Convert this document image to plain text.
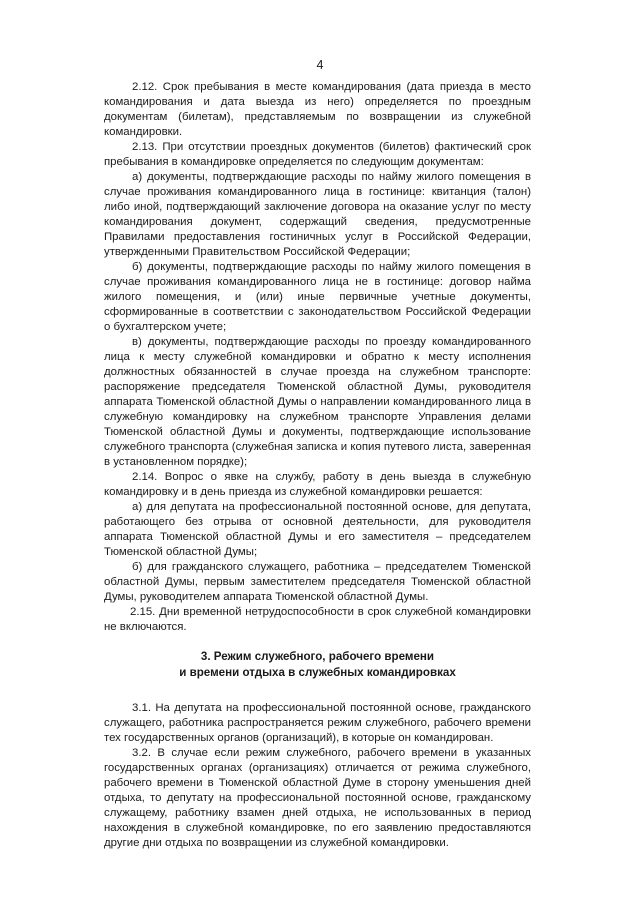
4

2.12. Срок пребывания в месте командирования (дата приезда в место командирования и дата выезда из него) определяется по проездным документам (билетам), представляемым по возвращении из служебной командировки.

2.13. При отсутствии проездных документов (билетов) фактический срок пребывания в командировке определяется по следующим документам:

а) документы, подтверждающие расходы по найму жилого помещения в случае проживания командированного лица в гостинице: квитанция (талон) либо иной, подтверждающий заключение договора на оказание услуг по месту командирования документ, содержащий сведения, предусмотренные Правилами предоставления гостиничных услуг в Российской Федерации, утвержденными Правительством Российской Федерации;

б) документы, подтверждающие расходы по найму жилого помещения в случае проживания командированного лица не в гостинице: договор найма жилого помещения, и (или) иные первичные учетные документы, сформированные в соответствии с законодательством Российской Федерации о бухгалтерском учете;

в) документы, подтверждающие расходы по проезду командированного лица к месту служебной командировки и обратно к месту исполнения должностных обязанностей в случае проезда на служебном транспорте: распоряжение председателя Тюменской областной Думы, руководителя аппарата Тюменской областной Думы о направлении командированного лица в служебную командировку на служебном транспорте Управления делами Тюменской областной Думы и документы, подтверждающие использование служебного транспорта (служебная записка и копия путевого листа, заверенная в установленном порядке);

2.14. Вопрос о явке на службу, работу в день выезда в служебную командировку и в день приезда из служебной командировки решается:

а) для депутата на профессиональной постоянной основе, для депутата, работающего без отрыва от основной деятельности, для руководителя аппарата Тюменской областной Думы и его заместителя – председателем Тюменской областной Думы;

б) для гражданского служащего, работника – председателем Тюменской областной Думы, первым заместителем председателя Тюменской областной Думы, руководителем аппарата Тюменской областной Думы.

2.15. Дни временной нетрудоспособности в срок служебной командировки не включаются.

3. Режим служебного, рабочего времени
и времени отдыха в служебных командировках

3.1. На депутата на профессиональной постоянной основе, гражданского служащего, работника распространяется режим служебного, рабочего времени тех государственных органов (организаций), в которые он командирован.

3.2. В случае если режим служебного, рабочего времени в указанных государственных органах (организациях) отличается от режима служебного, рабочего времени в Тюменской областной Думе в сторону уменьшения дней отдыха, то депутату на профессиональной постоянной основе, гражданскому служащему, работнику взамен дней отдыха, не использованных в период нахождения в служебной командировке, по его заявлению предоставляются другие дни отдыха по возвращении из служебной командировки.
